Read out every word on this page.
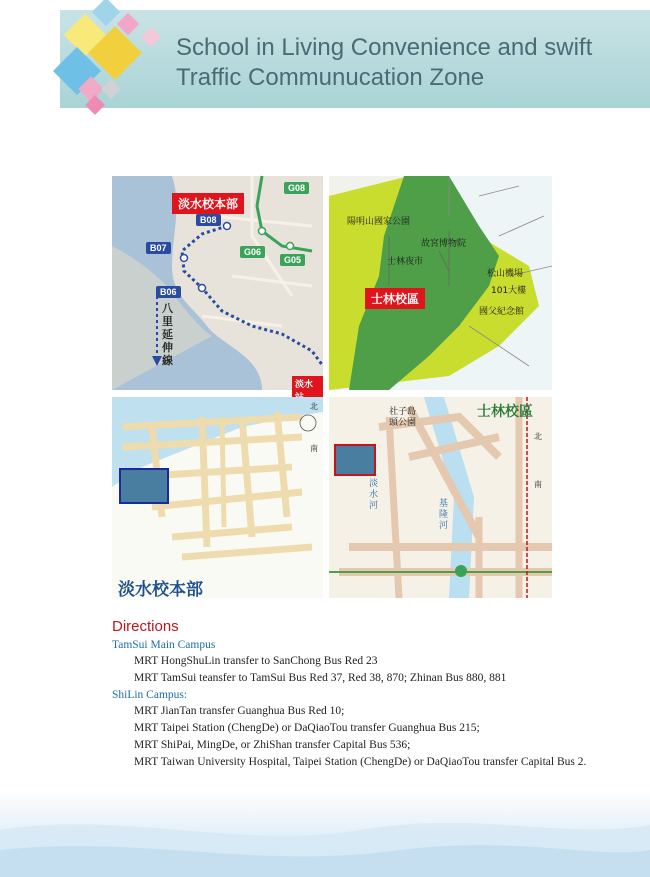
School in Living Convenience and swift
Traffic Communucation Zone
G08
B08
B07
B06
G06
G05
淡水校本部
八里延伸線
淡水
陽明山國家公園
故宮博物院
士林夜市
松山機場
101大樓
國父紀念館
士林校區
北
南
淡水校本部
士林校區
社子島頭公園
淡水河	基隆河
北
南
Directions
TamSui Main Campus
MRT HongShuLin transfer to SanChong Bus Red 23
MRT TamSui teansfer to TamSui Bus Red 37, Red 38, 870; Zhinan Bus 880, 881
ShiLin Campus:
MRT JianTan transfer Guanghua Bus Red 10;
MRT Taipei Station (ChengDe) or DaQiaoTou transfer Guanghua Bus 215;
MRT ShiPai, MingDe, or ZhiShan transfer Capital Bus 536;
MRT Taiwan University Hospital, Taipei Station (ChengDe) or DaQiaoTou transfer Capital Bus 2.
